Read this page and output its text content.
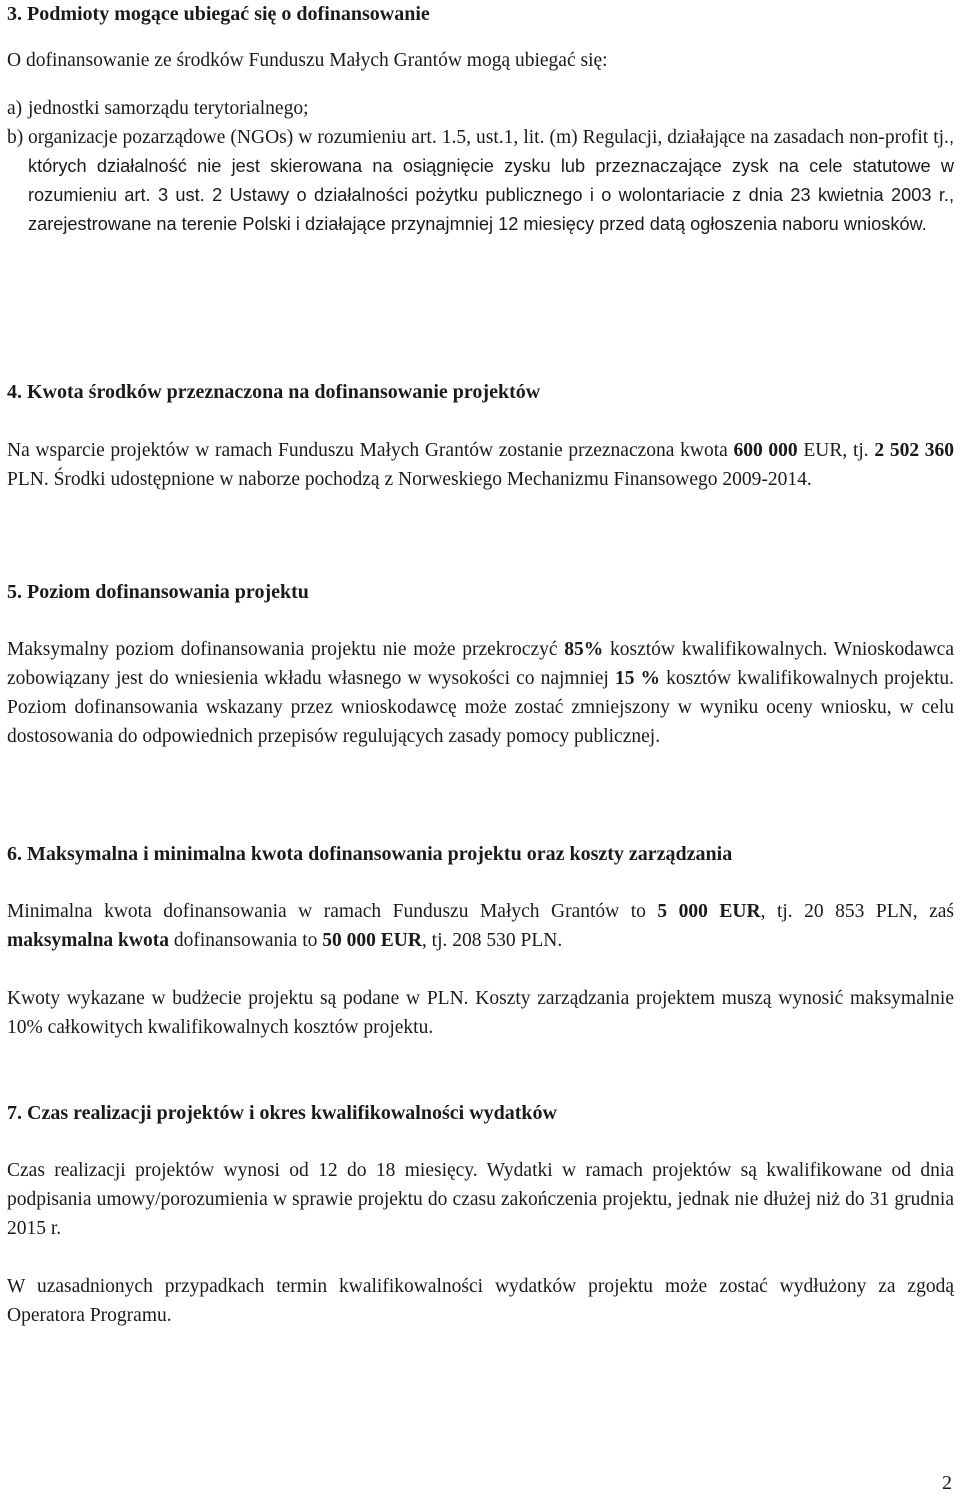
3. Podmioty mogące ubiegać się o dofinansowanie

O dofinansowanie ze środków Funduszu Małych Grantów mogą ubiegać się:

a) jednostki samorządu terytorialnego;
b) organizacje pozarządowe (NGOs) w rozumieniu art. 1.5, ust.1, lit. (m) Regulacji, działające na zasadach non-profit tj., których działalność nie jest skierowana na osiągnięcie zysku lub przeznaczające zysk na cele statutowe w rozumieniu art. 3 ust. 2 Ustawy o działalności pożytku publicznego i o wolontariacie z dnia 23 kwietnia 2003 r., zarejestrowane na terenie Polski i działające przynajmniej 12 miesięcy przed datą ogłoszenia naboru wniosków.

4. Kwota środków przeznaczona na dofinansowanie projektów

Na wsparcie projektów w ramach Funduszu Małych Grantów zostanie przeznaczona kwota 600 000 EUR, tj. 2 502 360 PLN. Środki udostępnione w naborze pochodzą z Norweskiego Mechanizmu Finansowego 2009-2014.

5. Poziom dofinansowania projektu

Maksymalny poziom dofinansowania projektu nie może przekroczyć 85% kosztów kwalifikowalnych. Wnioskodawca zobowiązany jest do wniesienia wkładu własnego w wysokości co najmniej 15 % kosztów kwalifikowalnych projektu. Poziom dofinansowania wskazany przez wnioskodawcę może zostać zmniejszony w wyniku oceny wniosku, w celu dostosowania do odpowiednich przepisów regulujących zasady pomocy publicznej.

6. Maksymalna i minimalna kwota dofinansowania projektu oraz koszty zarządzania

Minimalna kwota dofinansowania w ramach Funduszu Małych Grantów to 5 000 EUR, tj. 20 853 PLN, zaś maksymalna kwota dofinansowania to 50 000 EUR, tj. 208 530 PLN.

Kwoty wykazane w budżecie projektu są podane w PLN. Koszty zarządzania projektem muszą wynosić maksymalnie 10% całkowitych kwalifikowalnych kosztów projektu.

7. Czas realizacji projektów i okres kwalifikowalności wydatków

Czas realizacji projektów wynosi od 12 do 18 miesięcy. Wydatki w ramach projektów są kwalifikowane od dnia podpisania umowy/porozumienia w sprawie projektu do czasu zakończenia projektu, jednak nie dłużej niż do 31 grudnia 2015 r.

W uzasadnionych przypadkach termin kwalifikowalności wydatków projektu może zostać wydłużony za zgodą Operatora Programu.

2
